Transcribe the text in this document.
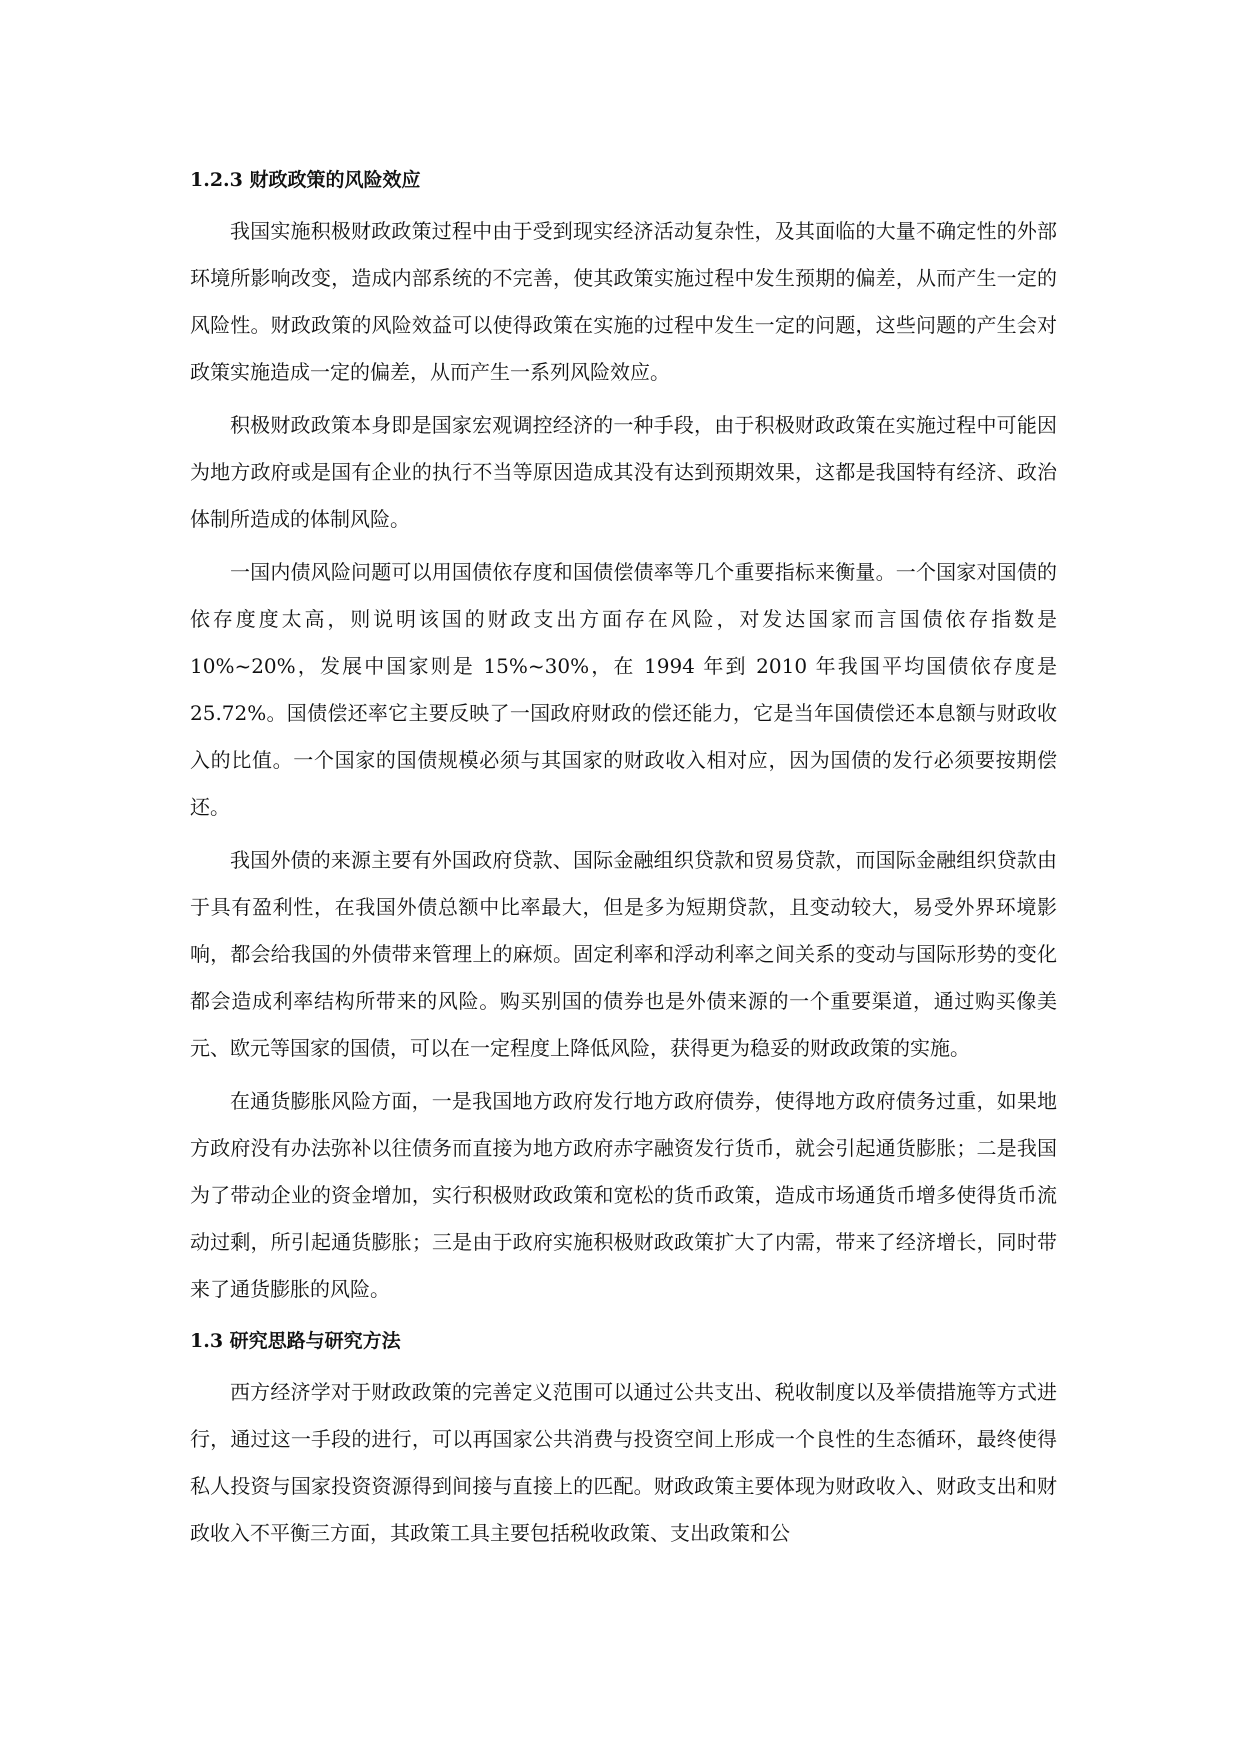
1.2.3 财政政策的风险效应

我国实施积极财政政策过程中由于受到现实经济活动复杂性，及其面临的大量不确定性的外部环境所影响改变，造成内部系统的不完善，使其政策实施过程中发生预期的偏差，从而产生一定的风险性。财政政策的风险效益可以使得政策在实施的过程中发生一定的问题，这些问题的产生会对政策实施造成一定的偏差，从而产生一系列风险效应。

积极财政政策本身即是国家宏观调控经济的一种手段，由于积极财政政策在实施过程中可能因为地方政府或是国有企业的执行不当等原因造成其没有达到预期效果，这都是我国特有经济、政治体制所造成的体制风险。

一国内债风险问题可以用国债依存度和国债偿债率等几个重要指标来衡量。一个国家对国债的依存度度太高，则说明该国的财政支出方面存在风险，对发达国家而言国债依存指数是 10%~20%，发展中国家则是 15%~30%，在 1994 年到 2010 年我国平均国债依存度是 25.72%。国债偿还率它主要反映了一国政府财政的偿还能力，它是当年国债偿还本息额与财政收入的比值。一个国家的国债规模必须与其国家的财政收入相对应，因为国债的发行必须要按期偿还。

我国外债的来源主要有外国政府贷款、国际金融组织贷款和贸易贷款，而国际金融组织贷款由于具有盈利性，在我国外债总额中比率最大，但是多为短期贷款，且变动较大，易受外界环境影响，都会给我国的外债带来管理上的麻烦。固定利率和浮动利率之间关系的变动与国际形势的变化都会造成利率结构所带来的风险。购买别国的债券也是外债来源的一个重要渠道，通过购买像美元、欧元等国家的国债，可以在一定程度上降低风险，获得更为稳妥的财政政策的实施。

在通货膨胀风险方面，一是我国地方政府发行地方政府债券，使得地方政府债务过重，如果地方政府没有办法弥补以往债务而直接为地方政府赤字融资发行货币，就会引起通货膨胀；二是我国为了带动企业的资金增加，实行积极财政政策和宽松的货币政策，造成市场通货币增多使得货币流动过剩，所引起通货膨胀；三是由于政府实施积极财政政策扩大了内需，带来了经济增长，同时带来了通货膨胀的风险。

1.3 研究思路与研究方法

西方经济学对于财政政策的完善定义范围可以通过公共支出、税收制度以及举债措施等方式进行，通过这一手段的进行，可以再国家公共消费与投资空间上形成一个良性的生态循环，最终使得私人投资与国家投资资源得到间接与直接上的匹配。财政政策主要体现为财政收入、财政支出和财政收入不平衡三方面，其政策工具主要包括税收政策、支出政策和公
